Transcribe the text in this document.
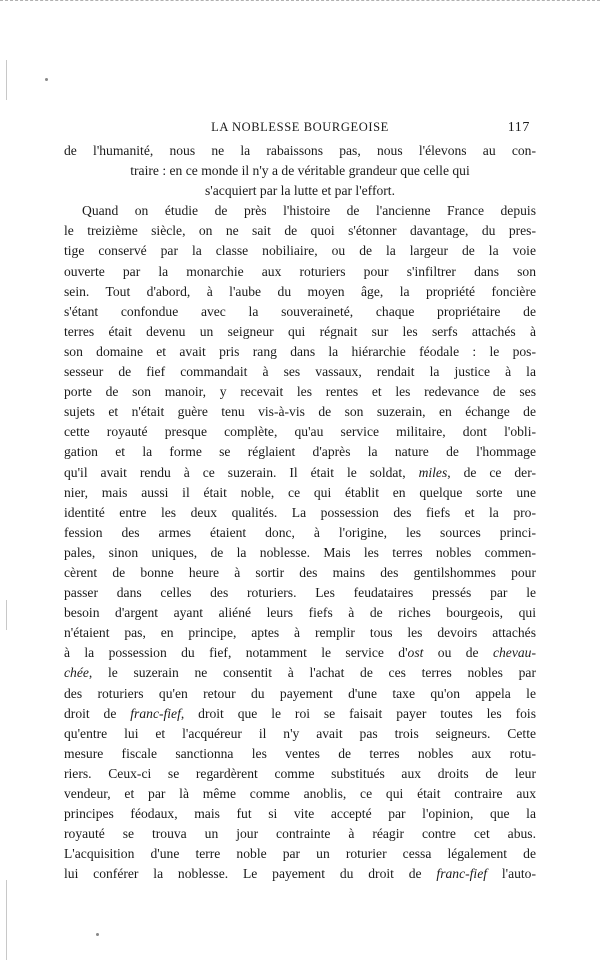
LA NOBLESSE BOURGEOISE	117
de l'humanité, nous ne la rabaissons pas, nous l'élevons au con-
traire : en ce monde il n'y a de véritable grandeur que celle qui
s'acquiert par la lutte et par l'effort.
Quand on étudie de près l'histoire de l'ancienne France depuis
le treizième siècle, on ne sait de quoi s'étonner davantage, du pres-
tige conservé par la classe nobiliaire, ou de la largeur de la voie
ouverte par la monarchie aux roturiers pour s'infiltrer dans son
sein. Tout d'abord, à l'aube du moyen âge, la propriété foncière
s'étant confondue avec la souveraineté, chaque propriétaire de
terres était devenu un seigneur qui régnait sur les serfs attachés à
son domaine et avait pris rang dans la hiérarchie féodale : le pos-
sesseur de fief commandait à ses vassaux, rendait la justice à la
porte de son manoir, y recevait les rentes et les redevance de ses
sujets et n'était guère tenu vis-à-vis de son suzerain, en échange de
cette royauté presque complète, qu'au service militaire, dont l'obli-
gation et la forme se réglaient d'après la nature de l'hommage
qu'il avait rendu à ce suzerain. Il était le soldat, miles, de ce der-
nier, mais aussi il était noble, ce qui établit en quelque sorte une
identité entre les deux qualités. La possession des fiefs et la pro-
fession des armes étaient donc, à l'origine, les sources princi-
pales, sinon uniques, de la noblesse. Mais les terres nobles commen-
cèrent de bonne heure à sortir des mains des gentilshommes pour
passer dans celles des roturiers. Les feudataires pressés par le
besoin d'argent ayant aliéné leurs fiefs à de riches bourgeois, qui
n'étaient pas, en principe, aptes à remplir tous les devoirs attachés
à la possession du fief, notamment le service d'ost ou de chevau-
chée, le suzerain ne consentit à l'achat de ces terres nobles par
des roturiers qu'en retour du payement d'une taxe qu'on appela le
droit de franc-fief, droit que le roi se faisait payer toutes les fois
qu'entre lui et l'acquéreur il n'y avait pas trois seigneurs. Cette
mesure fiscale sanctionna les ventes de terres nobles aux rotu-
riers. Ceux-ci se regardèrent comme substitués aux droits de leur
vendeur, et par là même comme anoblis, ce qui était contraire aux
principes féodaux, mais fut si vite accepté par l'opinion, que la
royauté se trouva un jour contrainte à réagir contre cet abus.
L'acquisition d'une terre noble par un roturier cessa légalement de
lui conférer la noblesse. Le payement du droit de franc-fief l'auto-
